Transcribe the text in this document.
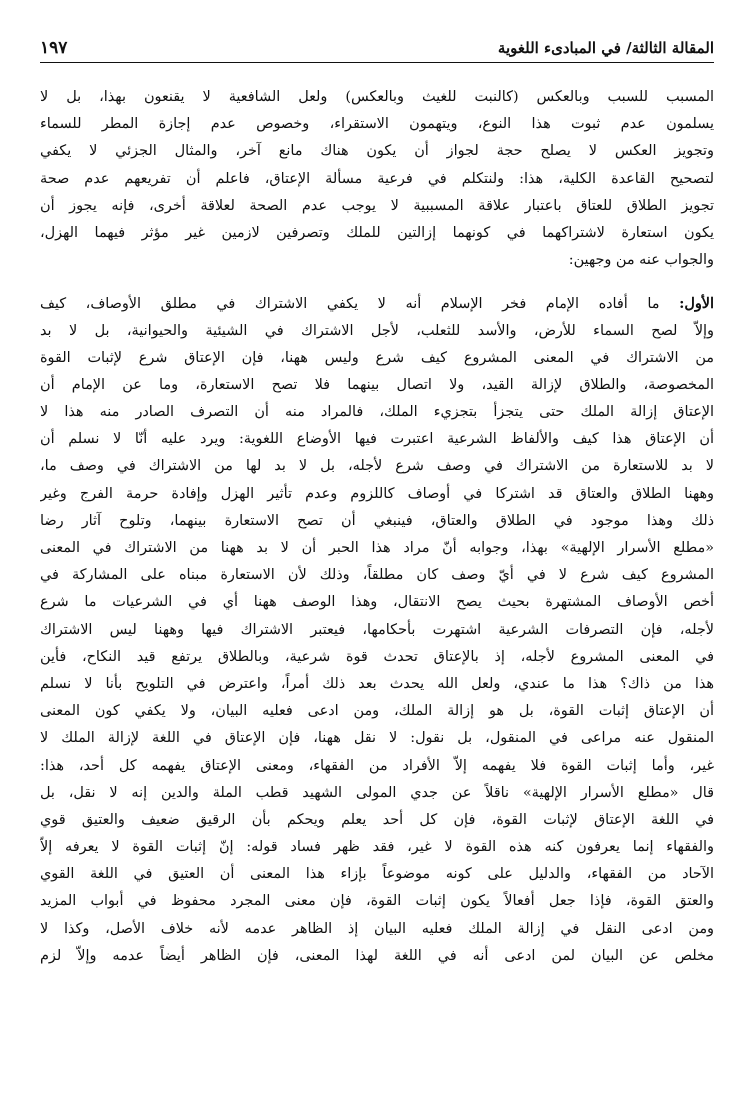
المقالة الثالثة/ في المبادىء اللغوية
١٩٧
المسبب للسبب وبالعكس (كالنبت للغيث وبالعكس) ولعل الشافعية لا يقنعون بهذا، بل لا
يسلمون عدم ثبوت هذا النوع، ويتهمون الاستقراء، وخصوص عدم إجازة المطر للسماء
وتجويز العكس لا يصلح حجة لجواز أن يكون هناك مانع آخر، والمثال الجزئي لا يكفي
لتصحيح القاعدة الكلية، هذا: ولنتكلم في فرعية مسألة الإعتاق، فاعلم أن تفريعهم عدم صحة
تجويز الطلاق للعتاق باعتبار علاقة المسببية لا يوجب عدم الصحة لعلاقة أخرى، فإنه يجوز أن
يكون استعارة لاشتراكهما في كونهما إزالتين للملك وتصرفين لازمين غير مؤثر فيهما الهزل،
والجواب عنه من وجهين:
الأول: ما أفاده الإمام فخر الإسلام أنه لا يكفي الاشتراك في مطلق الأوصاف، كيف
وإلاّ لصح السماء للأرض، والأسد للثعلب، لأجل الاشتراك في الشيئية والحيوانية، بل لا بد
من الاشتراك في المعنى المشروع كيف شرع وليس ههنا، فإن الإعتاق شرع لإثبات القوة
المخصوصة، والطلاق لإزالة القيد، ولا اتصال بينهما فلا تصح الاستعارة، وما عن الإمام أن
الإعتاق إزالة الملك حتى يتجزأ بتجزيء الملك، فالمراد منه أن التصرف الصادر منه هذا لا
أن الإعتاق هذا كيف والألفاظ الشرعية اعتبرت فيها الأوضاع اللغوية: ويرد عليه أنّا لا نسلم أن
لا بد للاستعارة من الاشتراك في وصف شرع لأجله، بل لا بد لها من الاشتراك في وصف ما،
وههنا الطلاق والعتاق قد اشتركا في أوصاف كاللزوم وعدم تأثير الهزل وإفادة حرمة الفرج وغير
ذلك وهذا موجود في الطلاق والعتاق، فينبغي أن تصح الاستعارة بينهما، وتلوح آثار رضا
«مطلع الأسرار الإلهية» بهذا، وجوابه أنّ مراد هذا الحبر أن لا بد ههنا من الاشتراك في المعنى
المشروع كيف شرع لا في أيّ وصف كان مطلقاً، وذلك لأن الاستعارة مبناه على المشاركة في
أخص الأوصاف المشتهرة بحيث يصح الانتقال، وهذا الوصف ههنا أي في الشرعيات ما شرع
لأجله، فإن التصرفات الشرعية اشتهرت بأحكامها، فيعتبر الاشتراك فيها وههنا ليس الاشتراك
في المعنى المشروع لأجله، إذ بالإعتاق تحدث قوة شرعية، وبالطلاق يرتفع قيد النكاح، فأين
هذا من ذاك؟ هذا ما عندي، ولعل الله يحدث بعد ذلك أمراً، واعترض في التلويح بأنا لا نسلم
أن الإعتاق إثبات القوة، بل هو إزالة الملك، ومن ادعى فعليه البيان، ولا يكفي كون المعنى
المنقول عنه مراعى في المنقول، بل نقول: لا نقل ههنا، فإن الإعتاق في اللغة لإزالة الملك لا
غير، وأما إثبات القوة فلا يفهمه إلاّ الأفراد من الفقهاء، ومعنى الإعتاق يفهمه كل أحد، هذا:
قال «مطلع الأسرار الإلهية» ناقلاً عن جدي المولى الشهيد قطب الملة والدين إنه لا نقل، بل
في اللغة الإعتاق لإثبات القوة، فإن كل أحد يعلم ويحكم بأن الرقيق ضعيف والعتيق قوي
والفقهاء إنما يعرفون كنه هذه القوة لا غير، فقد ظهر فساد قوله: إنّ إثبات القوة لا يعرفه إلاّ
الآحاد من الفقهاء، والدليل على كونه موضوعاً بإزاء هذا المعنى أن العتيق في اللغة القوي
والعتق القوة، فإذا جعل أفعالاً يكون إثبات القوة، فإن معنى المجرد محفوظ في أبواب المزيد
ومن ادعى النقل في إزالة الملك فعليه البيان إذ الظاهر عدمه لأنه خلاف الأصل، وكذا لا
مخلص عن البيان لمن ادعى أنه في اللغة لهذا المعنى، فإن الظاهر أيضاً عدمه وإلاّ لزم
